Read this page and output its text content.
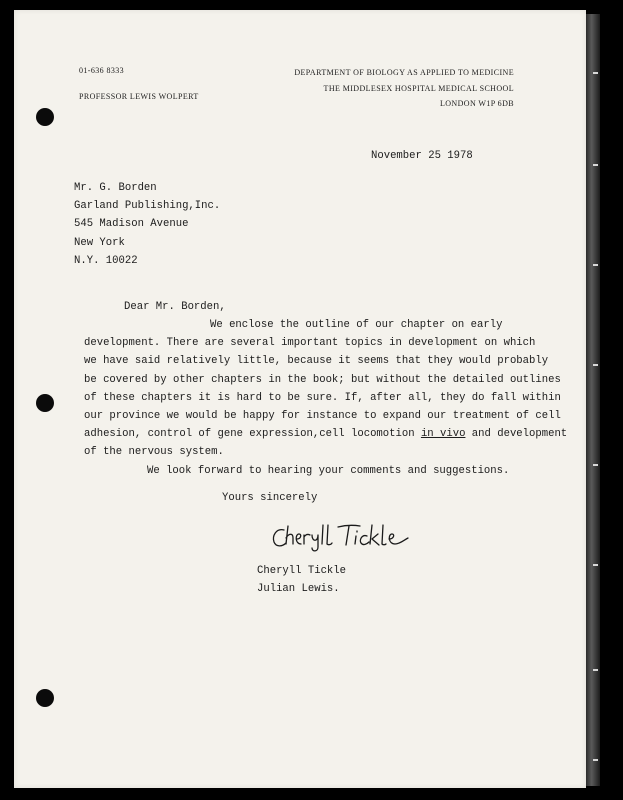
01-636 8333
PROFESSOR LEWIS WOLPERT
DEPARTMENT OF BIOLOGY AS APPLIED TO MEDICINE
THE MIDDLESEX HOSPITAL MEDICAL SCHOOL
LONDON W1P 6DB
November 25 1978
Mr. G. Borden
Garland Publishing,Inc.
545 Madison Avenue
New York
N.Y. 10022
Dear Mr. Borden,
We enclose the outline of our chapter on early
development. There are several important topics in development on which
we have said relatively little, because it seems that they would probably
be covered by other chapters in the book; but without the detailed outlines
of these chapters it is hard to be sure. If, after all, they do fall within
our province we would be happy for instance to expand our treatment of cell
adhesion, control of gene expression,cell locomotion in vivo and development
of the nervous system.
We look forward to hearing your comments and suggestions.
Yours sincerely
Cheryll Tickle
Julian Lewis.
